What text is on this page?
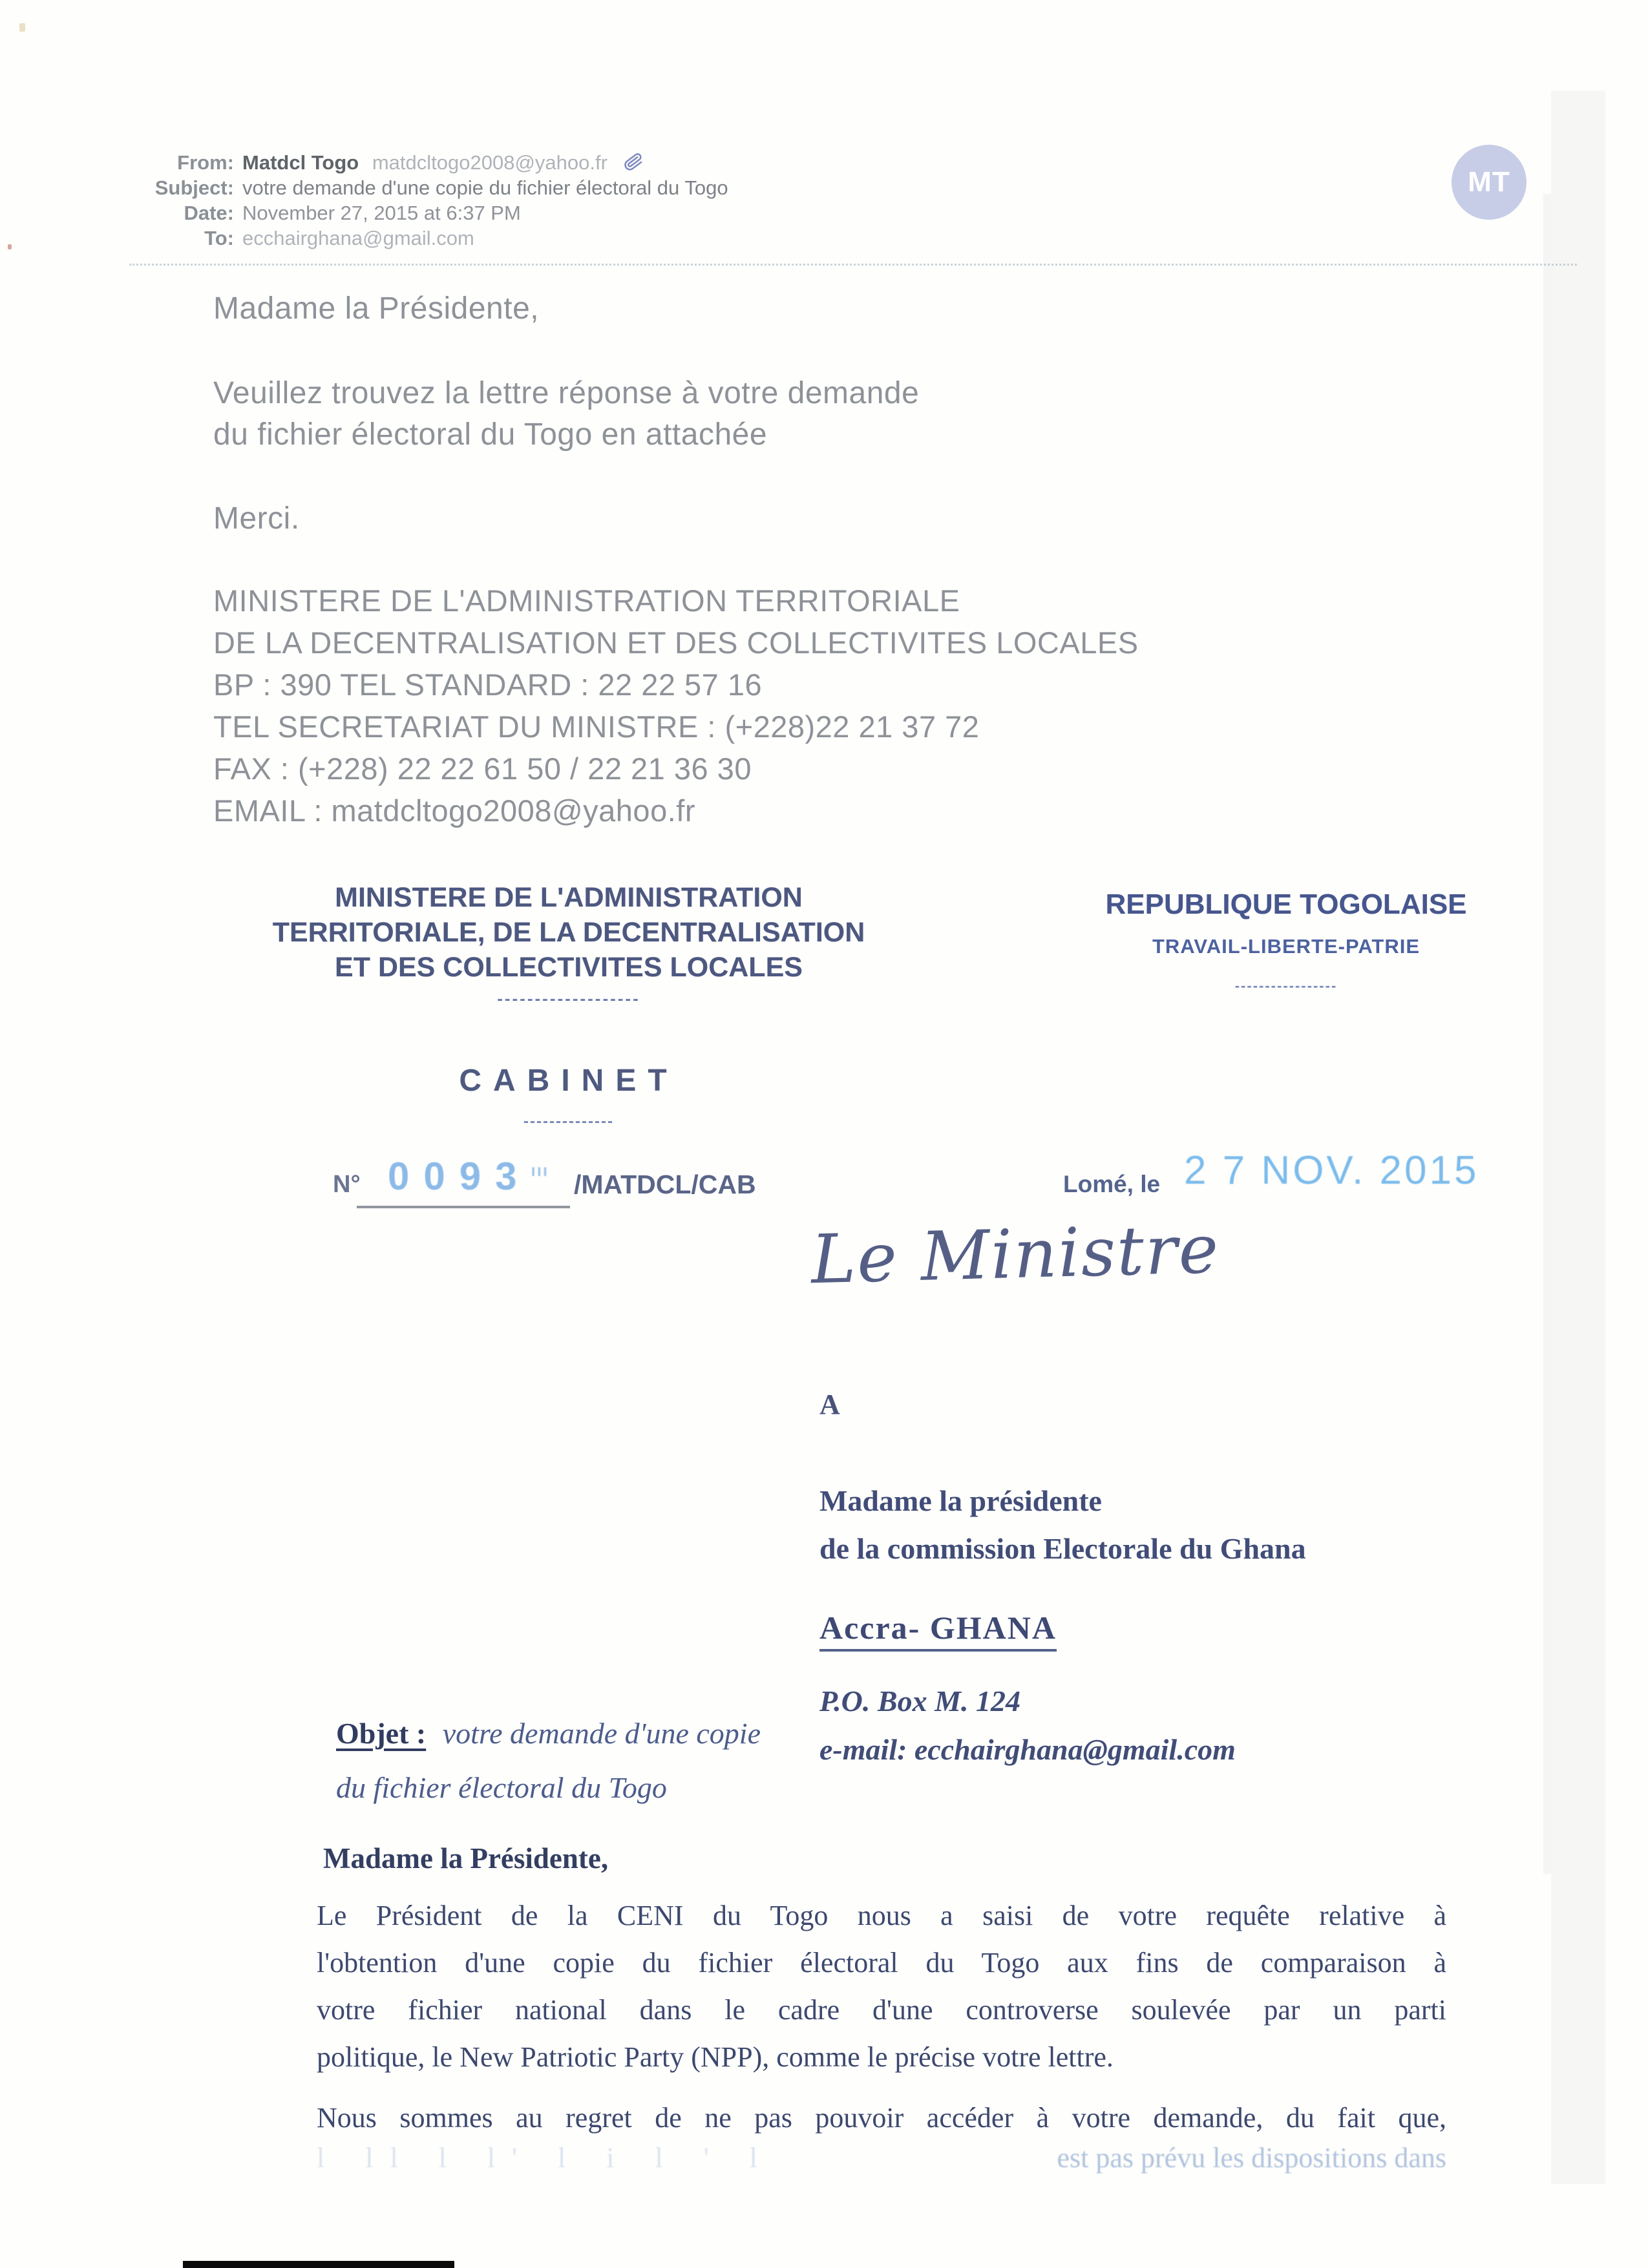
From: Matdcl Togo matdcltogo2008@yahoo.fr
Subject: votre demande d'une copie du fichier électoral du Togo
Date: November 27, 2015 at 6:37 PM
To: ecchairghana@gmail.com
MT
Madame la Présidente,
Veuillez trouvez la lettre réponse à votre demande
du fichier électoral du Togo en attachée
Merci.
MINISTERE DE L'ADMINISTRATION TERRITORIALE
DE LA DECENTRALISATION ET DES COLLECTIVITES LOCALES
BP : 390 TEL STANDARD : 22 22 57 16
TEL SECRETARIAT DU MINISTRE : (+228)22 21 37 72
FAX : (+228) 22 22 61 50 / 22 21 36 30
EMAIL : matdcltogo2008@yahoo.fr
MINISTERE DE L'ADMINISTRATION
TERRITORIALE, DE LA DECENTRALISATION
ET DES COLLECTIVITES LOCALES
-------------------
REPUBLIQUE TOGOLAISE
TRAVAIL-LIBERTE-PATRIE
-----------------
CABINET
--------------
N° $0093^{ııı}$ /MATDCL/CAB	Lomé, le 2 7 NOV. 2015
Le Ministre
A
Madame la présidente
de la commission Electorale du Ghana
Accra- GHANA
P.O. Box M. 124
e-mail: ecchairghana@gmail.com
Objet : votre demande d'une copie
du fichier électoral du Togo
Madame la Présidente,
Le Président de la CENI du Togo nous a saisi de votre requête relative à
l'obtention d'une copie du fichier électoral du Togo aux fins de comparaison à
votre fichier national dans le cadre d'une controverse soulevée par un parti
politique, le New Patriotic Party (NPP), comme le précise votre lettre.
Nous sommes au regret de ne pas pouvoir accéder à votre demande, du fait que,
l ll l l' l i l ' l	est pas prévu les dispositions dans
